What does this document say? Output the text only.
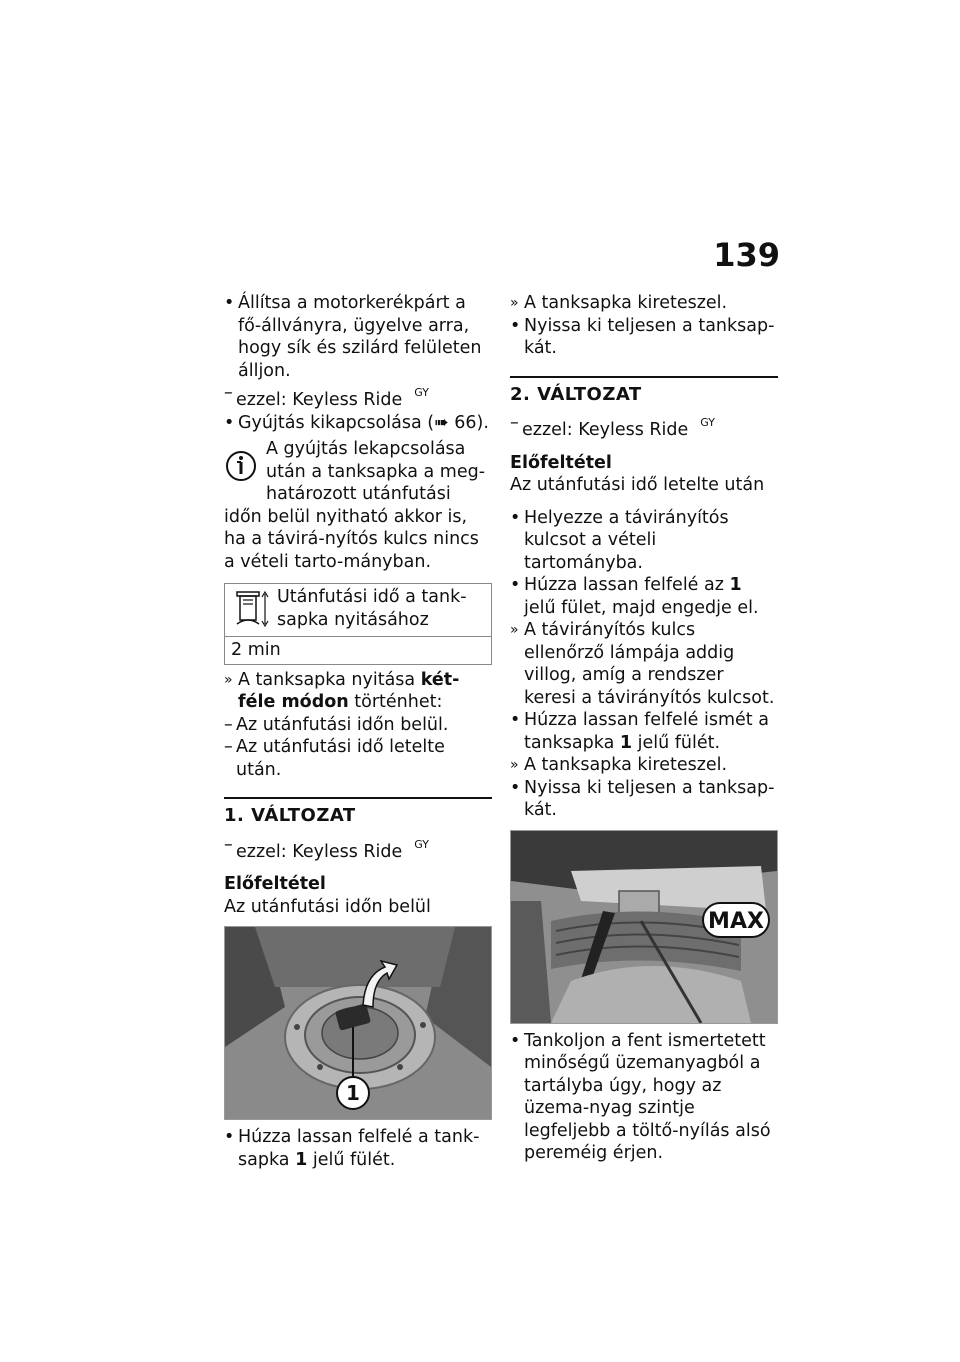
139

• Állítsa a motorkerékpárt a fő-állványra, ügyelve arra, hogy sík és szilárd felületen álljon.

– ezzel: Keyless Ride $^{GY}$

• Gyújtás kikapcsolása (➠ 66).

A gyújtás lekapcsolása után a tanksapka a meg-

határozott utánfutási időn belül nyitható akkor is, ha a távirá-nyítós kulcs nincs a vételi tarto-mányban.

Utánfutási idő a tank-sapka nyitásához

2 min

» A tanksapka nyitása két-féle módon történhet:

– Az utánfutási időn belül.

– Az utánfutási idő letelte után.

1. VÁLTOZAT

– ezzel: Keyless Ride $^{GY}$

Előfeltétel

Az utánfutási időn belül

1

• Húzza lassan felfelé a tank-sapka 1 jelű fülét.

» A tanksapka kireteszel.

• Nyissa ki teljesen a tanksap-kát.

2. VÁLTOZAT

– ezzel: Keyless Ride $^{GY}$

Előfeltétel

Az utánfutási idő letelte után

• Helyezze a távirányítós kulcsot a vételi tartományba.

• Húzza lassan felfelé az 1 jelű fület, majd engedje el.

» A távirányítós kulcs ellenőrző lámpája addig villog, amíg a rendszer keresi a távirányítós kulcsot.

• Húzza lassan felfelé ismét a tanksapka 1 jelű fülét.

» A tanksapka kireteszel.

• Nyissa ki teljesen a tanksap-kát.

MAX

• Tankoljon a fent ismertetett minőségű üzemanyagból a tartályba úgy, hogy az üzema-nyag szintje legfeljebb a töltő-nyílás alsó pereméig érjen.
